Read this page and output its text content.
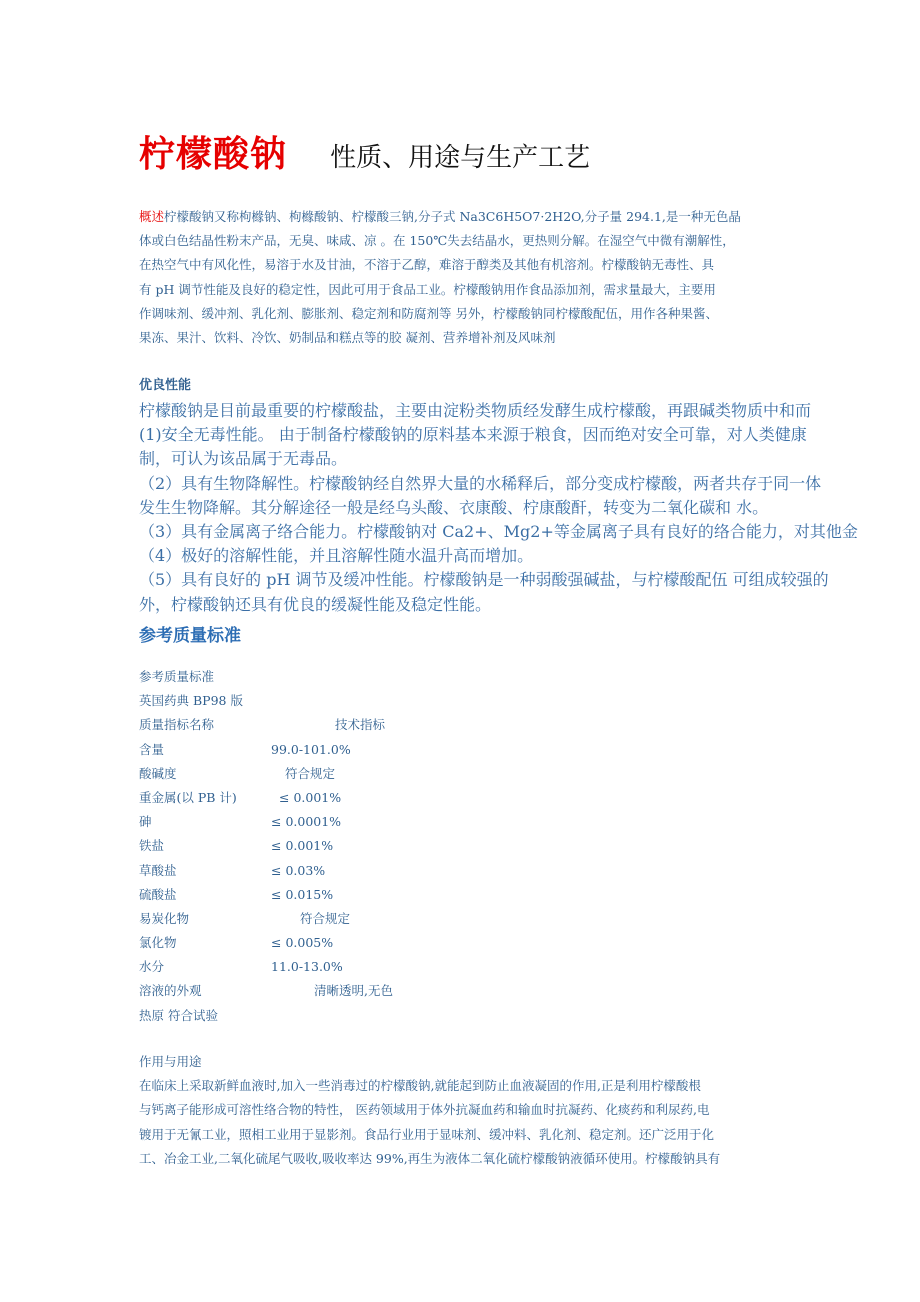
柠檬酸钠 性质、用途与生产工艺
概述柠檬酸钠又称枸橼钠、枸橼酸钠、柠檬酸三钠,分子式 Na3C6H5O7·2H2O,分子量 294.1,是一种无色晶
体或白色结晶性粉末产品，无臭、味咸、凉 。在 150℃失去结晶水，更热则分解。在湿空气中微有潮解性，
在热空气中有风化性，易溶于水及甘油，不溶于乙醇，难溶于醇类及其他有机溶剂。柠檬酸钠无毒性、具
有 pH 调节性能及良好的稳定性，因此可用于食品工业。柠檬酸钠用作食品添加剂，需求量最大，主要用
作调味剂、缓冲剂、乳化剂、膨胀剂、稳定剂和防腐剂等 另外，柠檬酸钠同柠檬酸配伍，用作各种果酱、
果冻、果汁、饮料、冷饮、奶制品和糕点等的胶 凝剂、营养增补剂及风味剂
优良性能
柠檬酸钠是目前最重要的柠檬酸盐，主要由淀粉类物质经发酵生成柠檬酸，再跟碱类物质中和而
(1)安全无毒性能。 由于制备柠檬酸钠的原料基本来源于粮食，因而绝对安全可靠，对人类健康
制，可认为该品属于无毒品。
（2）具有生物降解性。柠檬酸钠经自然界大量的水稀释后，部分变成柠檬酸，两者共存于同一体
发生生物降解。其分解途径一般是经乌头酸、衣康酸、柠康酸酐，转变为二氧化碳和 水。
（3）具有金属离子络合能力。柠檬酸钠对 Ca2+、Mg2+等金属离子具有良好的络合能力，对其他金
（4）极好的溶解性能，并且溶解性随水温升高而增加。
（5）具有良好的 pH 调节及缓冲性能。柠檬酸钠是一种弱酸强碱盐，与柠檬酸配伍 可组成较强的
外，柠檬酸钠还具有优良的缓凝性能及稳定性能。
参考质量标准
参考质量标准
英国药典 BP98 版
质量指标名称	技术指标
含量	99.0-101.0%
酸碱度	符合规定
重金属(以 PB 计)	≤ 0.001%
砷	≤ 0.0001%
铁盐	≤ 0.001%
草酸盐	≤ 0.03%
硫酸盐	≤ 0.015%
易炭化物	符合规定
氯化物	≤ 0.005%
水分	11.0-13.0%
溶液的外观	清晰透明,无色
热原 符合试验
作用与用途
在临床上采取新鲜血液时,加入一些消毒过的柠檬酸钠,就能起到防止血液凝固的作用,正是利用柠檬酸根
与钙离子能形成可溶性络合物的特性， 医药领域用于体外抗凝血药和输血时抗凝药、化痰药和利尿药,电
镀用于无氰工业，照相工业用于显影剂。食品行业用于显味剂、缓冲料、乳化剂、稳定剂。还广泛用于化
工、冶金工业,二氧化硫尾气吸收,吸收率达 99%,再生为液体二氧化硫柠檬酸钠液循环使用。柠檬酸钠具有
